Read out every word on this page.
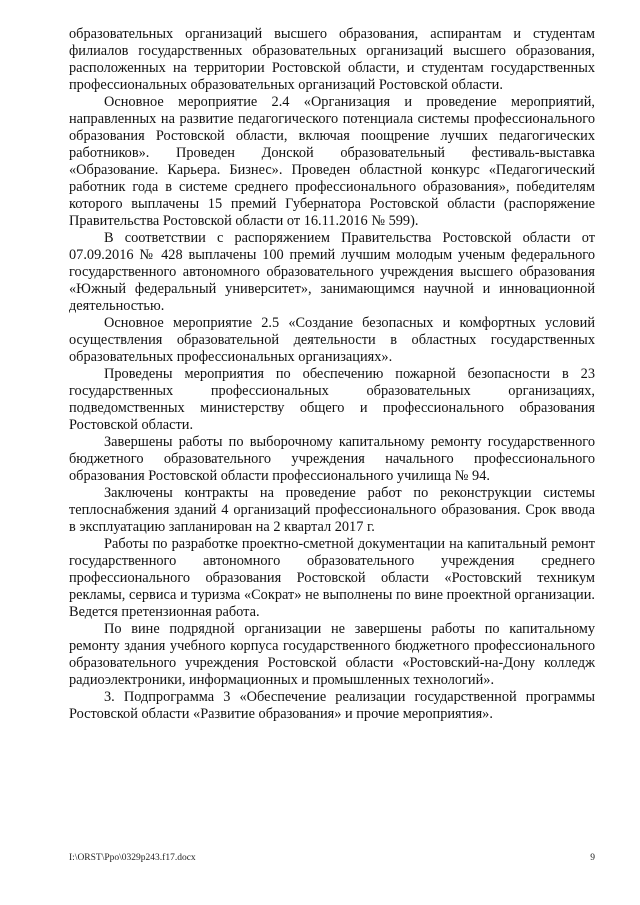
образовательных организаций высшего образования, аспирантам и студентам филиалов государственных образовательных организаций высшего образования, расположенных на территории Ростовской области, и студентам государственных профессиональных образовательных организаций Ростовской области.

Основное мероприятие 2.4 «Организация и проведение мероприятий, направленных на развитие педагогического потенциала системы профессионального образования Ростовской области, включая поощрение лучших педагогических работников». Проведен Донской образовательный фестиваль-выставка «Образование. Карьера. Бизнес». Проведен областной конкурс «Педагогический работник года в системе среднего профессионального образования», победителям которого выплачены 15 премий Губернатора Ростовской области (распоряжение Правительства Ростовской области от 16.11.2016 № 599).

В соответствии с распоряжением Правительства Ростовской области от 07.09.2016 № 428 выплачены 100 премий лучшим молодым ученым федерального государственного автономного образовательного учреждения высшего образования «Южный федеральный университет», занимающимся научной и инновационной деятельностью.

Основное мероприятие 2.5 «Создание безопасных и комфортных условий осуществления образовательной деятельности в областных государственных образовательных профессиональных организациях».

Проведены мероприятия по обеспечению пожарной безопасности в 23 государственных профессиональных образовательных организациях, подведомственных министерству общего и профессионального образования Ростовской области.

Завершены работы по выборочному капитальному ремонту государственного бюджетного образовательного учреждения начального профессионального образования Ростовской области профессионального училища № 94.

Заключены контракты на проведение работ по реконструкции системы теплоснабжения зданий 4 организаций профессионального образования. Срок ввода в эксплуатацию запланирован на 2 квартал 2017 г.

Работы по разработке проектно-сметной документации на капитальный ремонт государственного автономного образовательного учреждения среднего профессионального образования Ростовской области «Ростовский техникум рекламы, сервиса и туризма «Сократ» не выполнены по вине проектной организации. Ведется претензионная работа.

По вине подрядной организации не завершены работы по капитальному ремонту здания учебного корпуса государственного бюджетного профессионального образовательного учреждения Ростовской области «Ростовский-на-Дону колледж радиоэлектроники, информационных и промышленных технологий».

3. Подпрограмма 3 «Обеспечение реализации государственной программы Ростовской области «Развитие образования» и прочие мероприятия».

I:\ORST\Ppo\0329p243.f17.docx	9
